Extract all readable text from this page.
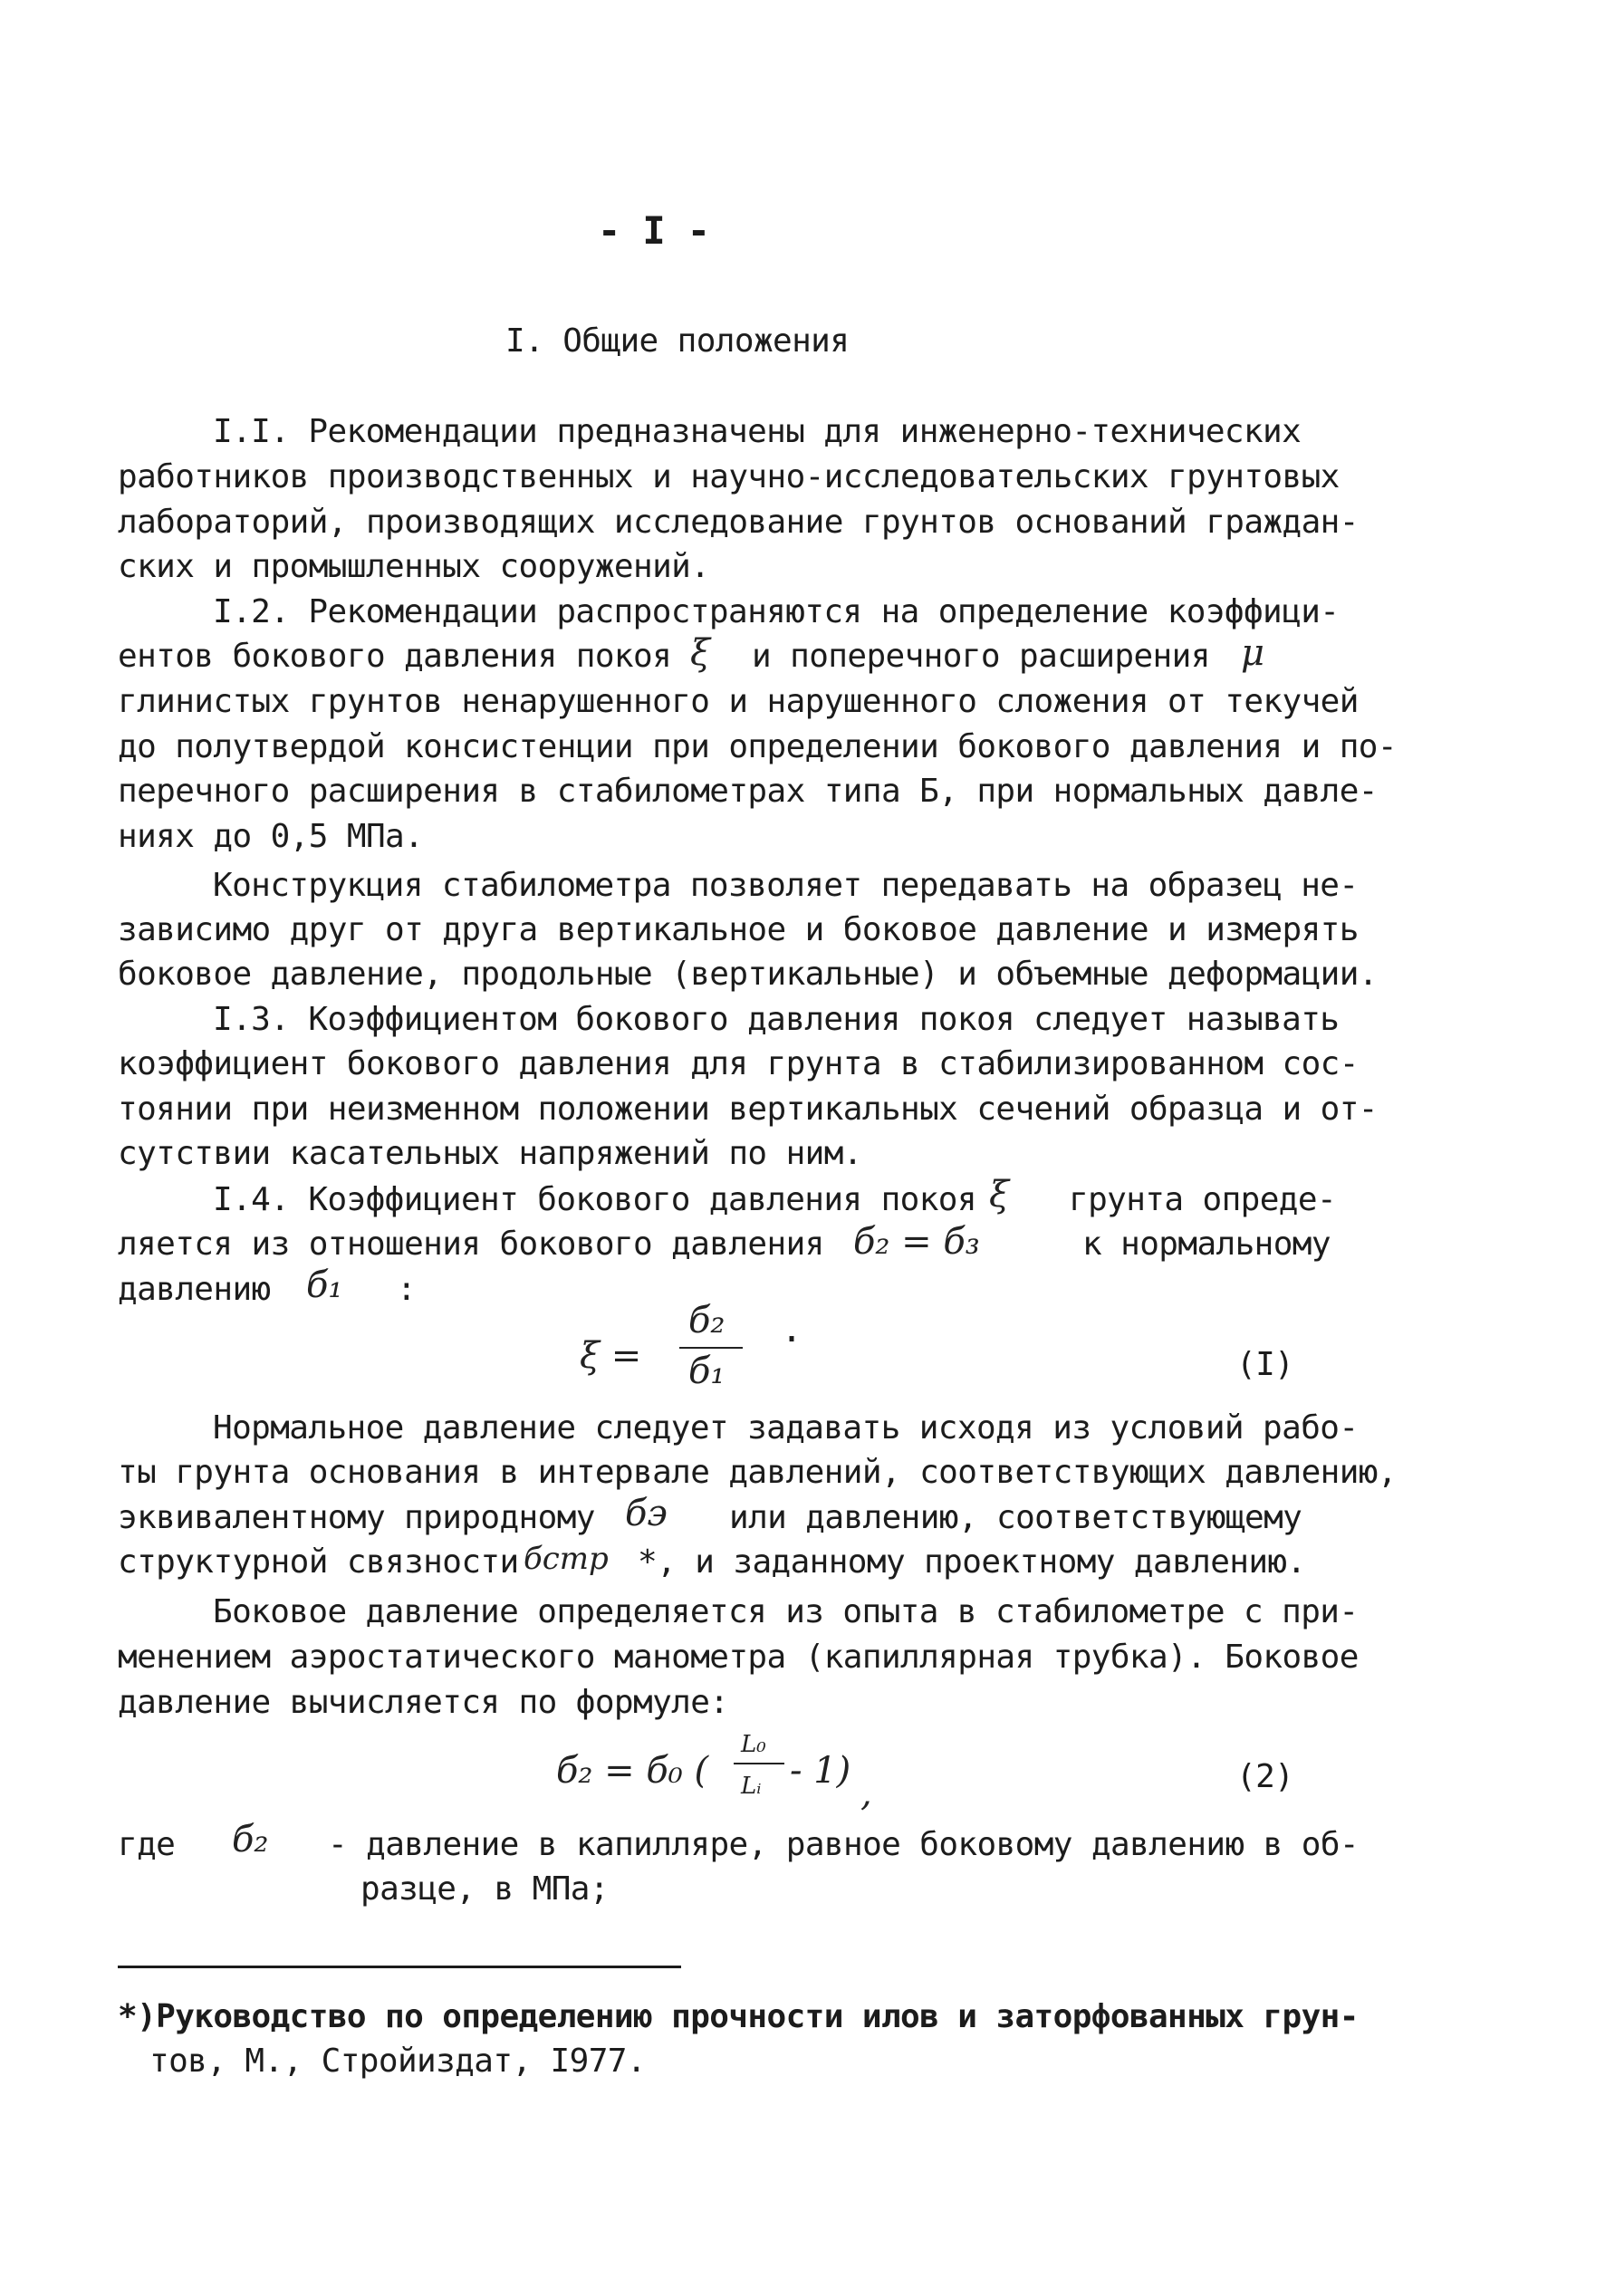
- I -
I. Общие положения
I.I. Рекомендации предназначены для инженерно-технических
работников производственных и научно-исследовательских грунтовых
лабораторий, производящих исследование грунтов оснований граждан-
ских и промышленных сооружений.
I.2. Рекомендации распространяются на определение коэффици-
ентов бокового давления покоя ξ и поперечного расширения μ
глинистых грунтов ненарушенного и нарушенного сложения от текучей
до полутвердой консистенции при определении бокового давления и по-
перечного расширения в стабилометрах типа Б, при нормальных давле-
ниях до 0,5 МПа.
Конструкция стабилометра позволяет передавать на образец не-
зависимо друг от друга вертикальное и боковое давление и измерять
боковое давление, продольные (вертикальные) и объемные деформации.
I.3. Коэффициентом бокового давления покоя следует называть
коэффициент бокового давления для грунта в стабилизированном сос-
тоянии при неизменном положении вертикальных сечений образца и от-
сутствии касательных напряжений по ним.
I.4. Коэффициент бокового давления покоя ξ грунта опреде-
ляется из отношения бокового давления б₂ = б₃	к нормальному
давлению б₁ :
ξ =
б₂
б₁
·
(I)
Нормальное давление следует задавать исходя из условий рабо-
ты грунта основания в интервале давлений, соответствующих давлению,
эквивалентному природному бэ или давлению, соответствующему
структурной связности бстр *, и заданному проектному давлению.
Боковое давление определяется из опыта в стабилометре с при-
менением аэростатического манометра (капиллярная трубка). Боковое
давление вычисляется по формуле:
б₂ = б₀ (
L₀
Lᵢ - 1)
,	(2)
где б₂ - давление в капилляре, равное боковому давлению в об-
разце, в МПа;
*)Руководство по определению прочности илов и заторфованных грун-
тов, М., Стройиздат, I977.
